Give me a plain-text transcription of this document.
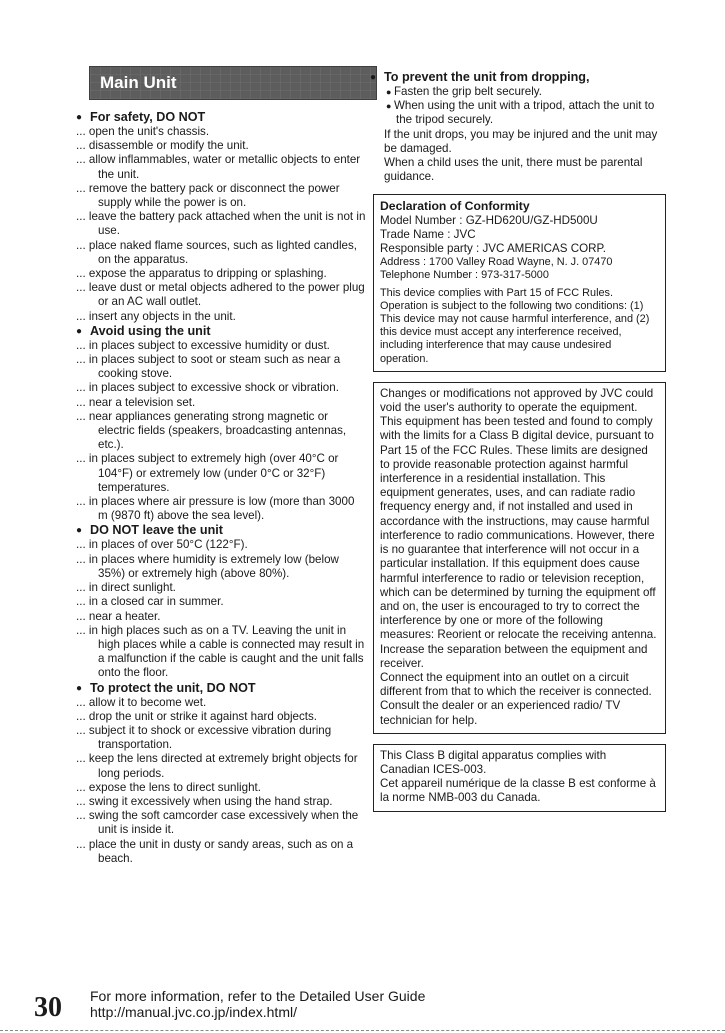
Main Unit

● For safety, DO NOT

... open the unit's chassis.
... disassemble or modify the unit.
... allow inflammables, water or metallic objects to enter the unit.
... remove the battery pack or disconnect the power supply while the power is on.
... leave the battery pack attached when the unit is not in use.
... place naked flame sources, such as lighted candles, on the apparatus.
... expose the apparatus to dripping or splashing.
... leave dust or metal objects adhered to the power plug or an AC wall outlet.
... insert any objects in the unit.

● Avoid using the unit

... in places subject to excessive humidity or dust.
... in places subject to soot or steam such as near a cooking stove.
... in places subject to excessive shock or vibration.
... near a television set.
... near appliances generating strong magnetic or electric fields (speakers, broadcasting antennas, etc.).
... in places subject to extremely high (over 40°C or 104°F) or extremely low (under 0°C or 32°F) temperatures.
... in places where air pressure is low (more than 3000 m (9870 ft) above the sea level).

● DO NOT leave the unit

... in places of over 50°C (122°F).
... in places where humidity is extremely low (below 35%) or extremely high (above 80%).
... in direct sunlight.
... in a closed car in summer.
... near a heater.
... in high places such as on a TV. Leaving the unit in high places while a cable is connected may result in a malfunction if the cable is caught and the unit falls onto the floor.

● To protect the unit, DO NOT

... allow it to become wet.
... drop the unit or strike it against hard objects.
... subject it to shock or excessive vibration during transportation.
... keep the lens directed at extremely bright objects for long periods.
... expose the lens to direct sunlight.
... swing it excessively when using the hand strap.
... swing the soft camcorder case excessively when the unit is inside it.
... place the unit in dusty or sandy areas, such as on a beach.

● To prevent the unit from dropping,

● Fasten the grip belt securely.
● When using the unit with a tripod, attach the unit to the tripod securely.

If the unit drops, you may be injured and the unit may be damaged.

When a child uses the unit, there must be parental guidance.

Declaration of Conformity

Model Number : GZ-HD620U/GZ-HD500U

Trade Name : JVC

Responsible party : JVC AMERICAS CORP.

Address : 1700 Valley Road Wayne, N. J. 07470

Telephone Number : 973-317-5000

This device complies with Part 15 of FCC Rules. Operation is subject to the following two conditions: (1) This device may not cause harmful interference, and (2) this device must accept any interference received, including interference that may cause undesired operation.

Changes or modifications not approved by JVC could void the user's authority to operate the equipment. This equipment has been tested and found to comply with the limits for a Class B digital device, pursuant to Part 15 of the FCC Rules. These limits are designed to provide reasonable protection against harmful interference in a residential installation. This equipment generates, uses, and can radiate radio frequency energy and, if not installed and used in accordance with the instructions, may cause harmful interference to radio communications. However, there is no guarantee that interference will not occur in a particular installation. If this equipment does cause harmful interference to radio or television reception, which can be determined by turning the equipment off and on, the user is encouraged to try to correct the interference by one or more of the following measures: Reorient or relocate the receiving antenna. Increase the separation between the equipment and receiver.

Connect the equipment into an outlet on a circuit different from that to which the receiver is connected.

Consult the dealer or an experienced radio/ TV technician for help.

This Class B digital apparatus complies with Canadian ICES-003.

Cet appareil numérique de la classe B est conforme à la norme NMB-003 du Canada.

30 For more information, refer to the Detailed User Guide
http://manual.jvc.co.jp/index.html/
